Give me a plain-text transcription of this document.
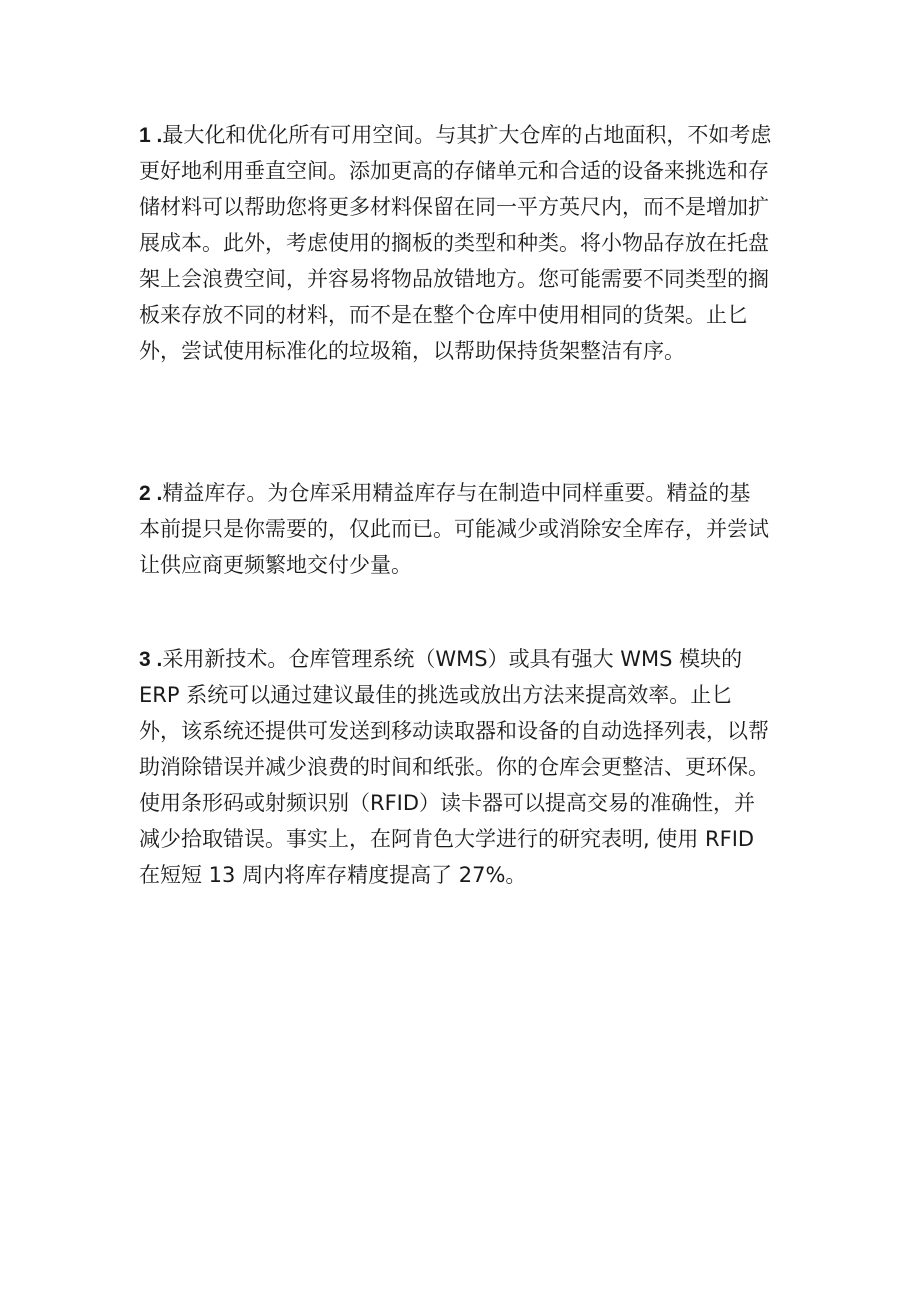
1 .最大化和优化所有可用空间。与其扩大仓库的占地面积，不如考虑
更好地利用垂直空间。添加更高的存储单元和合适的设备来挑选和存
储材料可以帮助您将更多材料保留在同一平方英尺内，而不是增加扩
展成本。此外，考虑使用的搁板的类型和种类。将小物品存放在托盘
架上会浪费空间，并容易将物品放错地方。您可能需要不同类型的搁
板来存放不同的材料，而不是在整个仓库中使用相同的货架。止匕
外，尝试使用标准化的垃圾箱，以帮助保持货架整洁有序。

2 .精益库存。为仓库采用精益库存与在制造中同样重要。精益的基
本前提只是你需要的，仅此而已。可能减少或消除安全库存，并尝试
让供应商更频繁地交付少量。

3 .采用新技术。仓库管理系统（WMS）或具有强大 WMS 模块的
ERP 系统可以通过建议最佳的挑选或放出方法来提高效率。止匕
外，该系统还提供可发送到移动读取器和设备的自动选择列表，以帮
助消除错误并减少浪费的时间和纸张。你的仓库会更整洁、更环保。
使用条形码或射频识别（RFID）读卡器可以提高交易的准确性，并
减少拾取错误。事实上，在阿肯色大学进行的研究表明, 使用 RFID
在短短 13 周内将库存精度提高了 27%。
